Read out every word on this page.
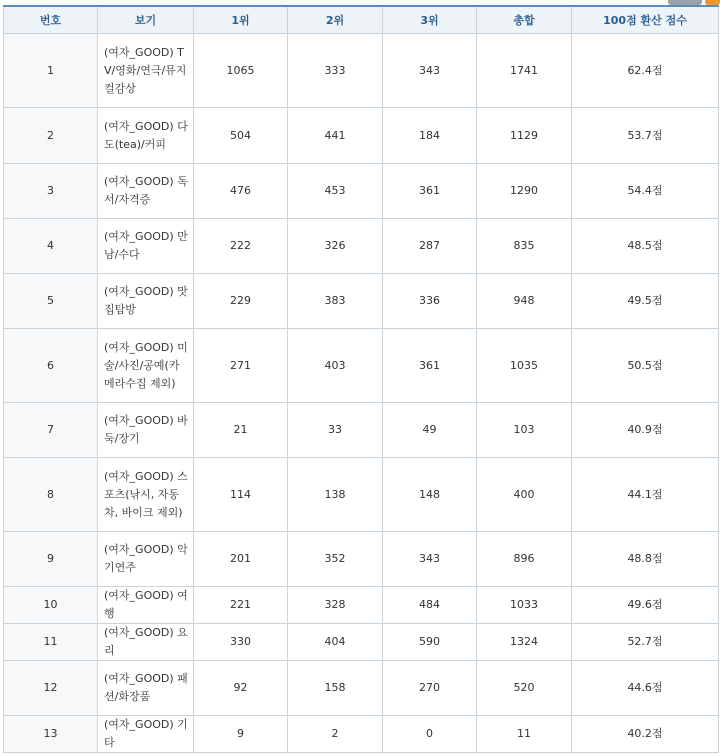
번호	보기	1위	2위	3위	총합	100점 환산 점수
1	(여자_GOOD) TV/영화/연극/뮤지컬감상	1065	333	343	1741	62.4점
2	(여자_GOOD) 다도(tea)/커피	504	441	184	1129	53.7점
3	(여자_GOOD) 독서/자격증	476	453	361	1290	54.4점
4	(여자_GOOD) 만남/수다	222	326	287	835	48.5점
5	(여자_GOOD) 맛집탐방	229	383	336	948	49.5점
6	(여자_GOOD) 미술/사진/공예(카메라수집 제외)	271	403	361	1035	50.5점
7	(여자_GOOD) 바둑/장기	21	33	49	103	40.9점
8	(여자_GOOD) 스포츠(낚시, 자동차, 바이크 제외)	114	138	148	400	44.1점
9	(여자_GOOD) 악기연주	201	352	343	896	48.8점
10	(여자_GOOD) 여행	221	328	484	1033	49.6점
11	(여자_GOOD) 요리	330	404	590	1324	52.7점
12	(여자_GOOD) 패션/화장품	92	158	270	520	44.6점
13	(여자_GOOD) 기타	9	2	0	11	40.2점
